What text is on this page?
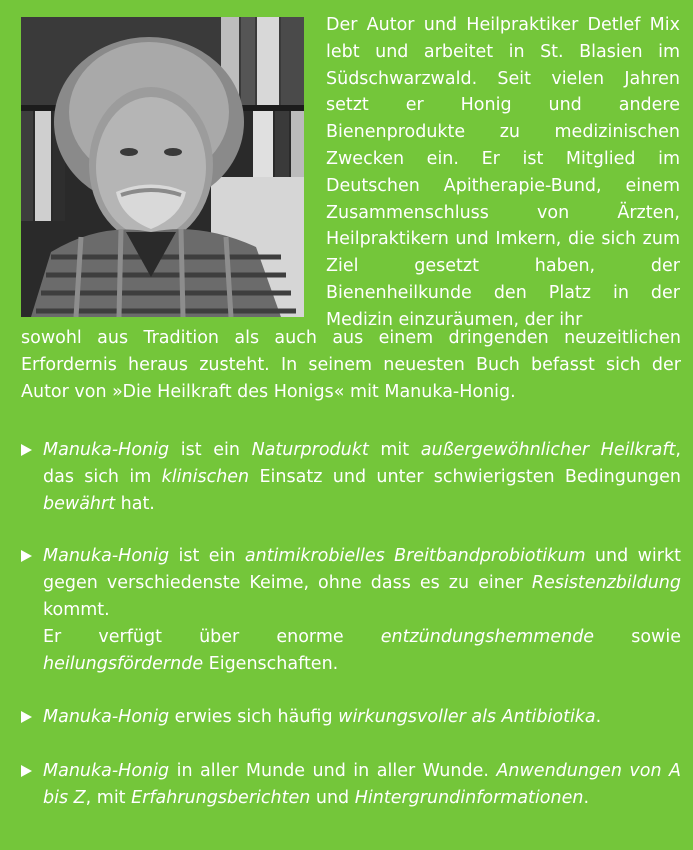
Der Autor und Heilpraktiker Detlef Mix lebt und arbeitet in St. Blasien im Südschwarzwald. Seit vielen Jahren setzt er Honig und andere Bienenprodukte zu medizinischen Zwecken ein. Er ist Mitglied im Deutschen Apitherapie-Bund, einem Zusammenschluss von Ärzten, Heilpraktikern und Imkern, die sich zum Ziel gesetzt haben, der Bienenheilkunde den Platz in der Medizin einzuräumen, der ihr

sowohl aus Tradition als auch aus einem dringenden neuzeitlichen Erfordernis heraus zusteht. In seinem neuesten Buch befasst sich der Autor von »Die Heilkraft des Honigs« mit Manuka-Honig.

Manuka-Honig ist ein Naturprodukt mit außergewöhnlicher Heilkraft, das sich im klinischen Einsatz und unter schwierigsten Bedingungen bewährt hat.
Manuka-Honig ist ein antimikrobielles Breitbandprobiotikum und wirkt gegen verschiedenste Keime, ohne dass es zu einer Resistenzbildung kommt.
Er verfügt über enorme entzündungshemmende sowie heilungsfördernde Eigenschaften.
Manuka-Honig erwies sich häufig wirkungsvoller als Antibiotika.
Manuka-Honig in aller Munde und in aller Wunde. Anwendungen von A bis Z, mit Erfahrungsberichten und Hintergrundinformationen.
